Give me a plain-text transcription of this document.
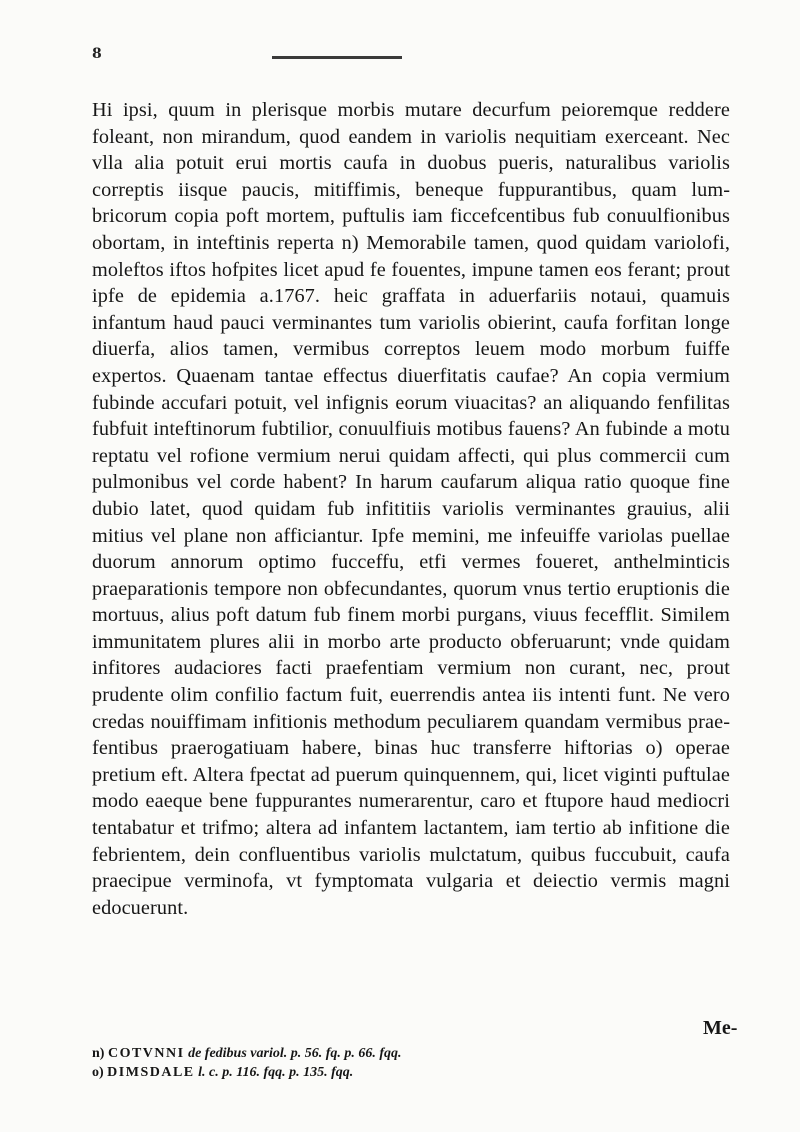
8

Hi ipsi, quum in plerisque morbis mutare decurfum peioremque reddere foleant, non mirandum, quod eandem in variolis nequitiam exerceant. Nec vlla alia potuit erui mortis caufa in duobus pueris, naturalibus variolis correptis iisque paucis, mitiffimis, beneque fuppurantibus, quam lumbricorum copia poft mortem, puftulis iam ficcefcentibus fub conuulfionibus obortam, in inteftinis reperta n) Memorabile tamen, quod quidam variolofi, moleftos iftos hofpites licet apud fe fouentes, impune tamen eos ferant; prout ipfe de epidemia a.1767. heic graffata in aduerfariis notaui, quamuis infantum haud pauci verminantes tum variolis obierint, caufa forfitan longe diuerfa, alios tamen, vermibus correptos leuem modo morbum fuiffe expertos. Quaenam tantae effectus diuerfitatis caufae? An copia vermium fubinde accufari potuit, vel infignis eorum viuacitas? an aliquando fenfilitas fubfuit inteftinorum fubtilior, conuulfiuis motibus fauens? An fubinde a motu reptatu vel rofione vermium nerui quidam affecti, qui plus commercii cum pulmonibus vel corde habent? In harum caufarum aliqua ratio quoque fine dubio latet, quod quidam fub infititiis variolis verminantes grauius, alii mitius vel plane non afficiantur. Ipfe memini, me infeuiffe variolas puellae duorum annorum optimo fucceffu, etfi vermes foueret, anthelminticis praeparationis tempore non obfecundantes, quorum vnus tertio eruptionis die mortuus, alius poft datum fub finem morbi purgans, viuus fecefflit. Similem immunitatem plures alii in morbo arte producto obferuarunt; vnde quidam infitores audaciores facti praefentiam vermium non curant, nec, prout prudente olim confilio factum fuit, euerrendis antea iis intenti funt. Ne vero credas nouiffimam infitionis methodum peculiarem quandam vermibus praefentibus praerogatiuam habere, binas huc transferre hiftorias o) operae pretium eft. Altera fpectat ad puerum quinquennem, qui, licet viginti puftulae modo eaeque bene fuppurantes numerarentur, caro et ftupore haud mediocri tentabatur et trifmo; altera ad infantem lactantem, iam tertio ab infitione die febrientem, dein confluentibus variolis mulctatum, quibus fuccubuit, caufa praecipue verminofa, vt fymptomata vulgaria et deiectio vermis magni edocuerunt.

Me-
n) COTVNNI de fedibus variol. p. 56. fq. p. 66. fqq.
o) DIMSDALE l. c. p. 116. fqq. p. 135. fqq.
